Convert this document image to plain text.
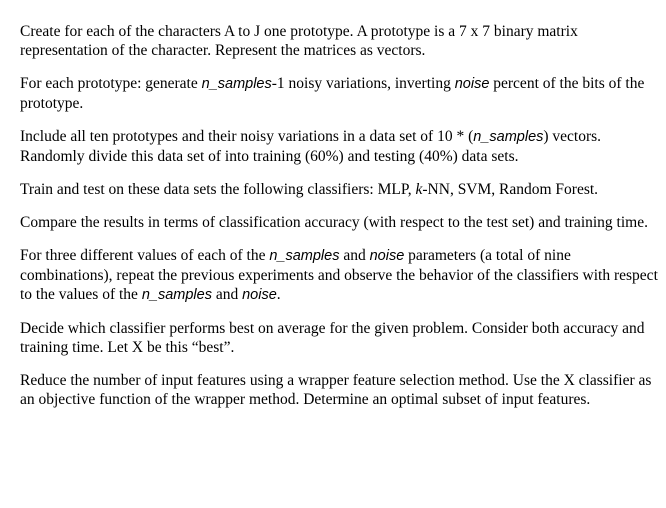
Create for each of the characters A to J one prototype. A prototype is a 7 x 7 binary matrix representation of the character. Represent the matrices as vectors.

For each prototype: generate n_samples-1 noisy variations, inverting noise percent of the bits of the prototype.

Include all ten prototypes and their noisy variations in a data set of 10 * (n_samples) vectors. Randomly divide this data set of into training (60%) and testing (40%) data sets.

Train and test on these data sets the following classifiers: MLP, k-NN, SVM, Random Forest.

Compare the results in terms of classification accuracy (with respect to the test set) and training time.

For three different values of each of the n_samples and noise parameters (a total of nine combinations), repeat the previous experiments and observe the behavior of the classifiers with respect to the values of the n_samples and noise.

Decide which classifier performs best on average for the given problem. Consider both accuracy and training time. Let X be this “best”.

Reduce the number of input features using a wrapper feature selection method. Use the X classifier as an objective function of the wrapper method. Determine an optimal subset of input features.
